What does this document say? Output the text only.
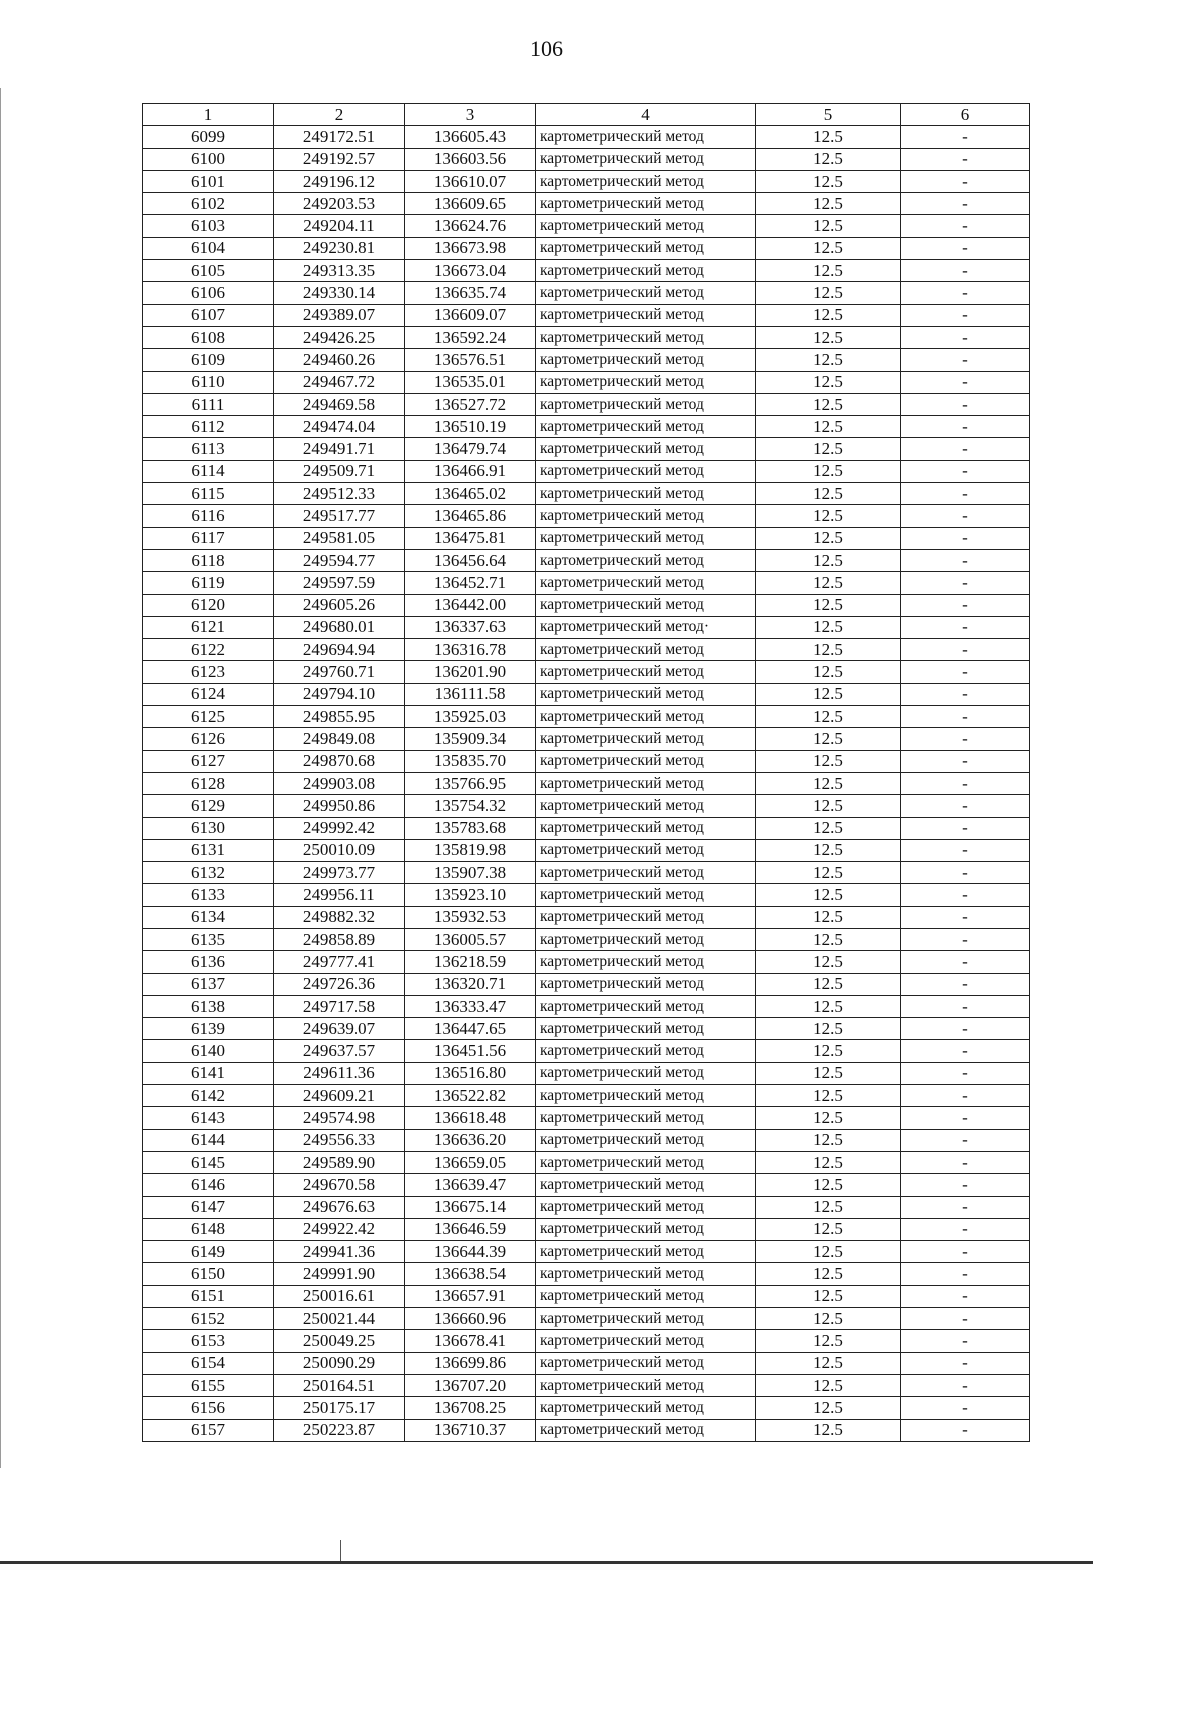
106
1	2	3	4	5	6
6099	249172.51	136605.43	картометрический метод	12.5	-
6100	249192.57	136603.56	картометрический метод	12.5	-
6101	249196.12	136610.07	картометрический метод	12.5	-
6102	249203.53	136609.65	картометрический метод	12.5	-
6103	249204.11	136624.76	картометрический метод	12.5	-
6104	249230.81	136673.98	картометрический метод	12.5	-
6105	249313.35	136673.04	картометрический метод	12.5	-
6106	249330.14	136635.74	картометрический метод	12.5	-
6107	249389.07	136609.07	картометрический метод	12.5	-
6108	249426.25	136592.24	картометрический метод	12.5	-
6109	249460.26	136576.51	картометрический метод	12.5	-
6110	249467.72	136535.01	картометрический метод	12.5	-
6111	249469.58	136527.72	картометрический метод	12.5	-
6112	249474.04	136510.19	картометрический метод	12.5	-
6113	249491.71	136479.74	картометрический метод	12.5	-
6114	249509.71	136466.91	картометрический метод	12.5	-
6115	249512.33	136465.02	картометрический метод	12.5	-
6116	249517.77	136465.86	картометрический метод	12.5	-
6117	249581.05	136475.81	картометрический метод	12.5	-
6118	249594.77	136456.64	картометрический метод	12.5	-
6119	249597.59	136452.71	картометрический метод	12.5	-
6120	249605.26	136442.00	картометрический метод	12.5	-
6121	249680.01	136337.63	картометрический метод·	12.5	-
6122	249694.94	136316.78	картометрический метод	12.5	-
6123	249760.71	136201.90	картометрический метод	12.5	-
6124	249794.10	136111.58	картометрический метод	12.5	-
6125	249855.95	135925.03	картометрический метод	12.5	-
6126	249849.08	135909.34	картометрический метод	12.5	-
6127	249870.68	135835.70	картометрический метод	12.5	-
6128	249903.08	135766.95	картометрический метод	12.5	-
6129	249950.86	135754.32	картометрический метод	12.5	-
6130	249992.42	135783.68	картометрический метод	12.5	-
6131	250010.09	135819.98	картометрический метод	12.5	-
6132	249973.77	135907.38	картометрический метод	12.5	-
6133	249956.11	135923.10	картометрический метод	12.5	-
6134	249882.32	135932.53	картометрический метод	12.5	-
6135	249858.89	136005.57	картометрический метод	12.5	-
6136	249777.41	136218.59	картометрический метод	12.5	-
6137	249726.36	136320.71	картометрический метод	12.5	-
6138	249717.58	136333.47	картометрический метод	12.5	-
6139	249639.07	136447.65	картометрический метод	12.5	-
6140	249637.57	136451.56	картометрический метод	12.5	-
6141	249611.36	136516.80	картометрический метод	12.5	-
6142	249609.21	136522.82	картометрический метод	12.5	-
6143	249574.98	136618.48	картометрический метод	12.5	-
6144	249556.33	136636.20	картометрический метод	12.5	-
6145	249589.90	136659.05	картометрический метод	12.5	-
6146	249670.58	136639.47	картометрический метод	12.5	-
6147	249676.63	136675.14	картометрический метод	12.5	-
6148	249922.42	136646.59	картометрический метод	12.5	-
6149	249941.36	136644.39	картометрический метод	12.5	-
6150	249991.90	136638.54	картометрический метод	12.5	-
6151	250016.61	136657.91	картометрический метод	12.5	-
6152	250021.44	136660.96	картометрический метод	12.5	-
6153	250049.25	136678.41	картометрический метод	12.5	-
6154	250090.29	136699.86	картометрический метод	12.5	-
6155	250164.51	136707.20	картометрический метод	12.5	-
6156	250175.17	136708.25	картометрический метод	12.5	-
6157	250223.87	136710.37	картометрический метод	12.5	-
